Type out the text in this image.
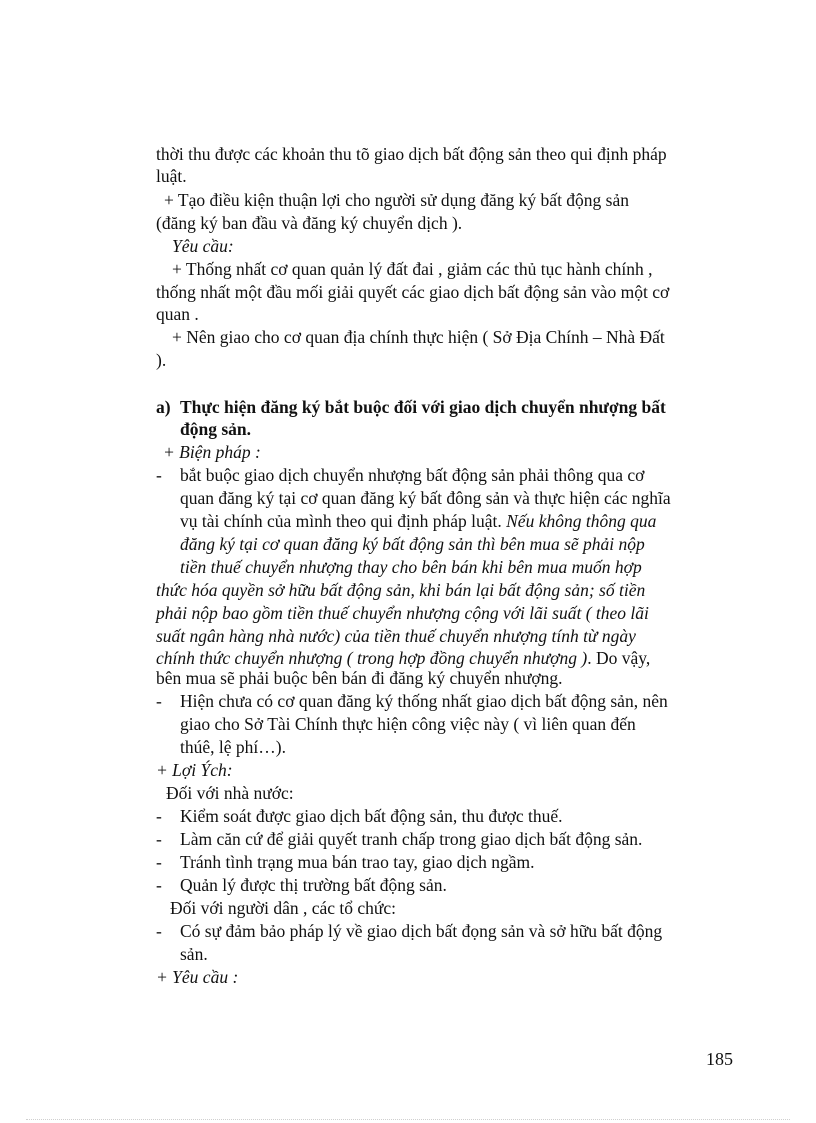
thời thu được các khoản thu tõ giao dịch bất động sản theo qui định pháp
luật.
+ Tạo điều kiện thuận lợi cho người sử dụng đăng ký bất động sản
(đăng ký ban đầu và đăng ký chuyển dịch ).
Yêu cầu:
+ Thống nhất cơ quan quản lý đất đai , giảm các thủ tục hành chính ,
thống nhất một đầu mối giải quyết các giao dịch bất động sản vào một cơ
quan .
+ Nên giao cho cơ quan địa chính thực hiện ( Sở Địa Chính – Nhà Đất
).
a) Thực hiện đăng ký bắt buộc đối với giao dịch chuyển nhượng bất
động sản.
+ Biện pháp :
- bắt buộc giao dịch chuyển nhượng bất động sản phải thông qua cơ
quan đăng ký tại cơ quan đăng ký bất đông sản và thực hiện các nghĩa
vụ tài chính của mình theo qui định pháp luật. Nếu không thông qua
đăng ký tại cơ quan đăng ký bất động sản thì bên mua sẽ phải nộp
tiền thuế chuyển nhượng thay cho bên bán khi bên mua muốn hợp
thức hóa quyền sở hữu bất động sản, khi bán lại bất động sản; số tiền
phải nộp bao gồm tiền thuế chuyển nhượng cộng với lãi suất ( theo lãi
suất ngân hàng nhà nước) của tiền thuế chuyển nhượng tính từ ngày
chính thức chuyển nhượng ( trong hợp đồng chuyển nhượng ). Do vậy,
bên mua sẽ phải buộc bên bán đi đăng ký chuyển nhượng.
- Hiện chưa có cơ quan đăng ký thống nhất giao dịch bất động sản, nên
giao cho Sở Tài Chính thực hiện công việc này ( vì liên quan đến
thúê, lệ phí…).
+ Lợi Ých:
Đối với nhà nước:
- Kiểm soát được giao dịch bất động sản, thu được thuế.
- Làm căn cứ để giải quyết tranh chấp trong giao dịch bất động sản.
- Tránh tình trạng mua bán trao tay, giao dịch ngầm.
- Quản lý được thị trường bất động sản.
Đối với người dân , các tổ chức:
- Có sự đảm bảo pháp lý về giao dịch bất đọng sản và sở hữu bất động
sản.
+ Yêu cầu :
185
